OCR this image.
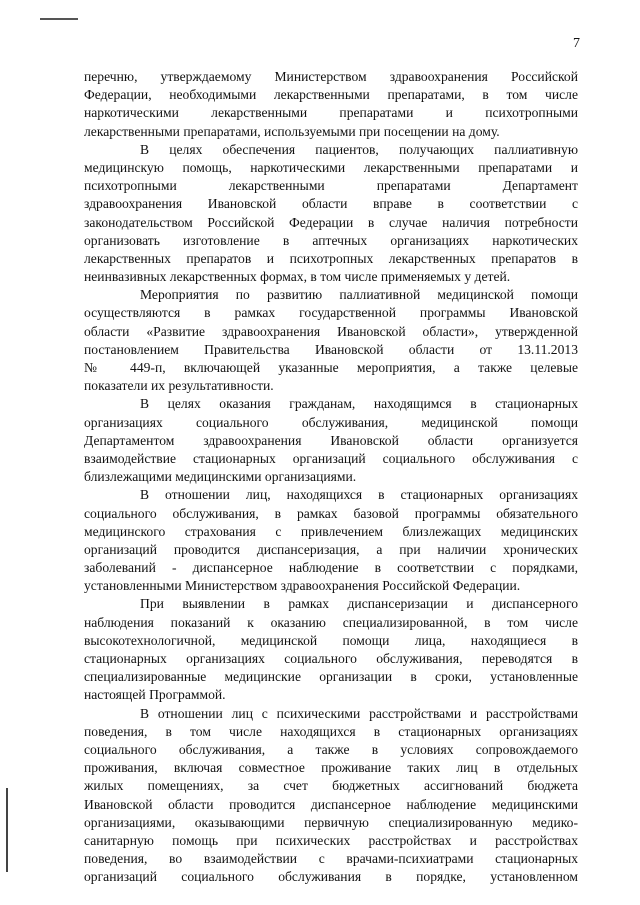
7
перечню, утверждаемому Министерством здравоохранения Российской
Федерации, необходимыми лекарственными препаратами, в том числе
наркотическими лекарственными препаратами и психотропными
лекарственными препаратами, используемыми при посещении на дому.
В целях обеспечения пациентов, получающих паллиативную
медицинскую помощь, наркотическими лекарственными препаратами и
психотропными лекарственными препаратами Департамент
здравоохранения Ивановской области вправе в соответствии с
законодательством Российской Федерации в случае наличия потребности
организовать изготовление в аптечных организациях наркотических
лекарственных препаратов и психотропных лекарственных препаратов в
неинвазивных лекарственных формах, в том числе применяемых у детей.
Мероприятия по развитию паллиативной медицинской помощи
осуществляются в рамках государственной программы Ивановской
области «Развитие здравоохранения Ивановской области», утвержденной
постановлением Правительства Ивановской области от 13.11.2013
№ 449-п, включающей указанные мероприятия, а также целевые
показатели их результативности.
В целях оказания гражданам, находящимся в стационарных
организациях социального обслуживания, медицинской помощи
Департаментом здравоохранения Ивановской области организуется
взаимодействие стационарных организаций социального обслуживания с
близлежащими медицинскими организациями.
В отношении лиц, находящихся в стационарных организациях
социального обслуживания, в рамках базовой программы обязательного
медицинского страхования с привлечением близлежащих медицинских
организаций проводится диспансеризация, а при наличии хронических
заболеваний - диспансерное наблюдение в соответствии с порядками,
установленными Министерством здравоохранения Российской Федерации.
При выявлении в рамках диспансеризации и диспансерного
наблюдения показаний к оказанию специализированной, в том числе
высокотехнологичной, медицинской помощи лица, находящиеся в
стационарных организациях социального обслуживания, переводятся в
специализированные медицинские организации в сроки, установленные
настоящей Программой.
В отношении лиц с психическими расстройствами и расстройствами
поведения, в том числе находящихся в стационарных организациях
социального обслуживания, а также в условиях сопровождаемого
проживания, включая совместное проживание таких лиц в отдельных
жилых помещениях, за счет бюджетных ассигнований бюджета
Ивановской области проводится диспансерное наблюдение медицинскими
организациями, оказывающими первичную специализированную медико-
санитарную помощь при психических расстройствах и расстройствах
поведения, во взаимодействии с врачами-психиатрами стационарных
организаций социального обслуживания в порядке, установленном
